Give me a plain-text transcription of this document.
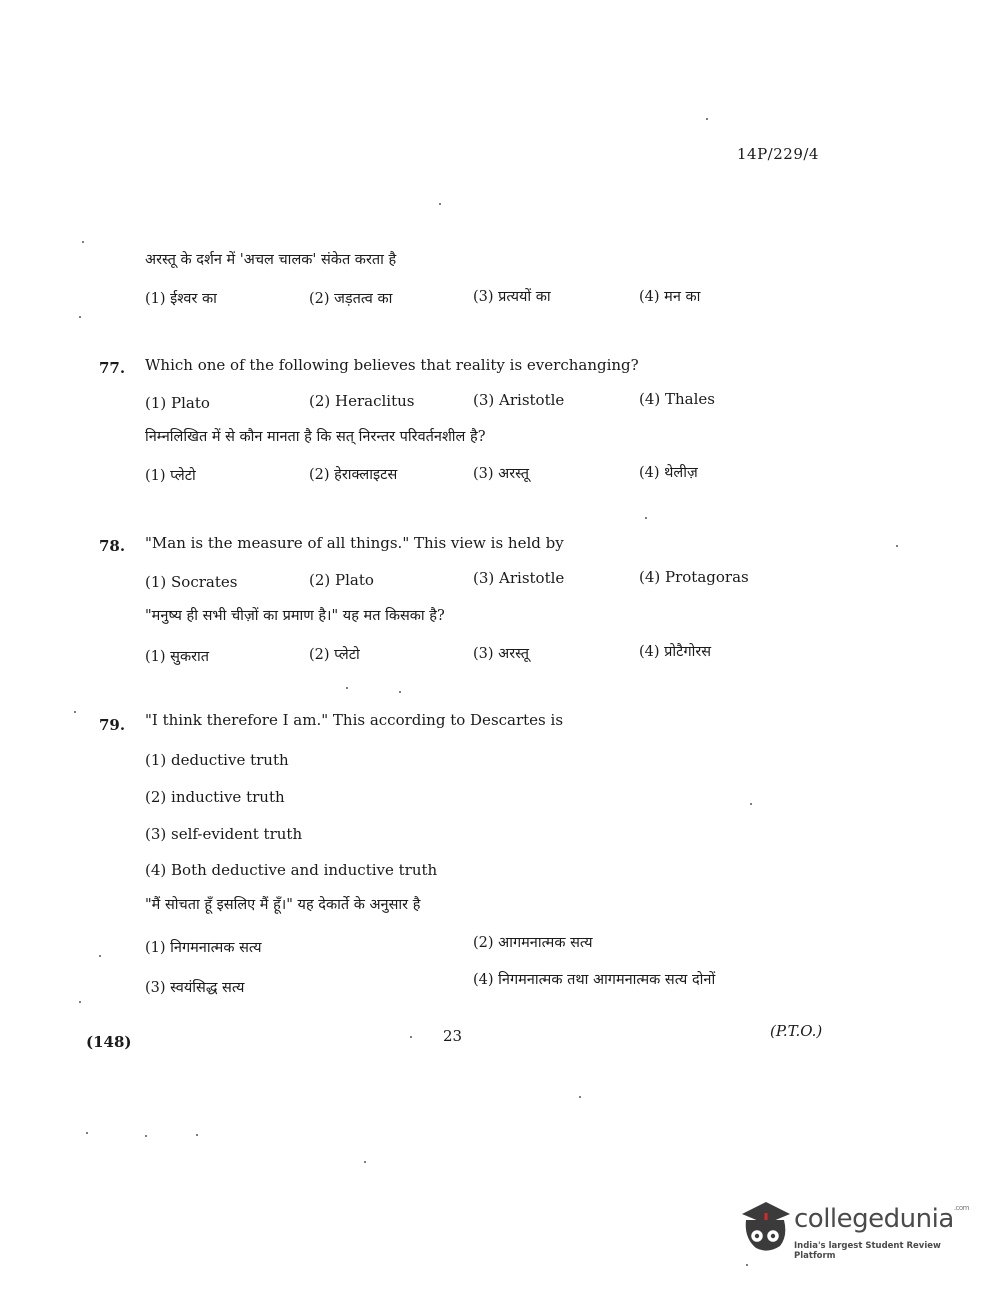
14P/229/4
अरस्तू के दर्शन में 'अचल चालक' संकेत करता है
(1) ईश्वर का	(2) जड़तत्व का	(3) प्रत्ययों का	(4) मन का
77. Which one of the following believes that reality is everchanging?
(1) Plato	(2) Heraclitus	(3) Aristotle	(4) Thales
निम्नलिखित में से कौन मानता है कि सत् निरन्तर परिवर्तनशील है?
(1) प्लेटो	(2) हेराक्लाइटस	(3) अरस्तू	(4) थेलीज़
78. "Man is the measure of all things." This view is held by
(1) Socrates	(2) Plato	(3) Aristotle	(4) Protagoras
"मनुष्य ही सभी चीज़ों का प्रमाण है।" यह मत किसका है?
(1) सुकरात	(2) प्लेटो	(3) अरस्तू	(4) प्रोटैगोरस
79. "I think therefore I am." This according to Descartes is
(1) deductive truth
(2) inductive truth
(3) self-evident truth
(4) Both deductive and inductive truth
"मैं सोचता हूँ इसलिए मैं हूँ।" यह देकार्ते के अनुसार है
(1) निगमनात्मक सत्य	(2) आगमनात्मक सत्य
(3) स्वयंसिद्ध सत्य	(4) निगमनात्मक तथा आगमनात्मक सत्य दोनों
(148)	23	(P.T.O.)
collegedunia$^{.com}$
India's largest Student Review Platform
